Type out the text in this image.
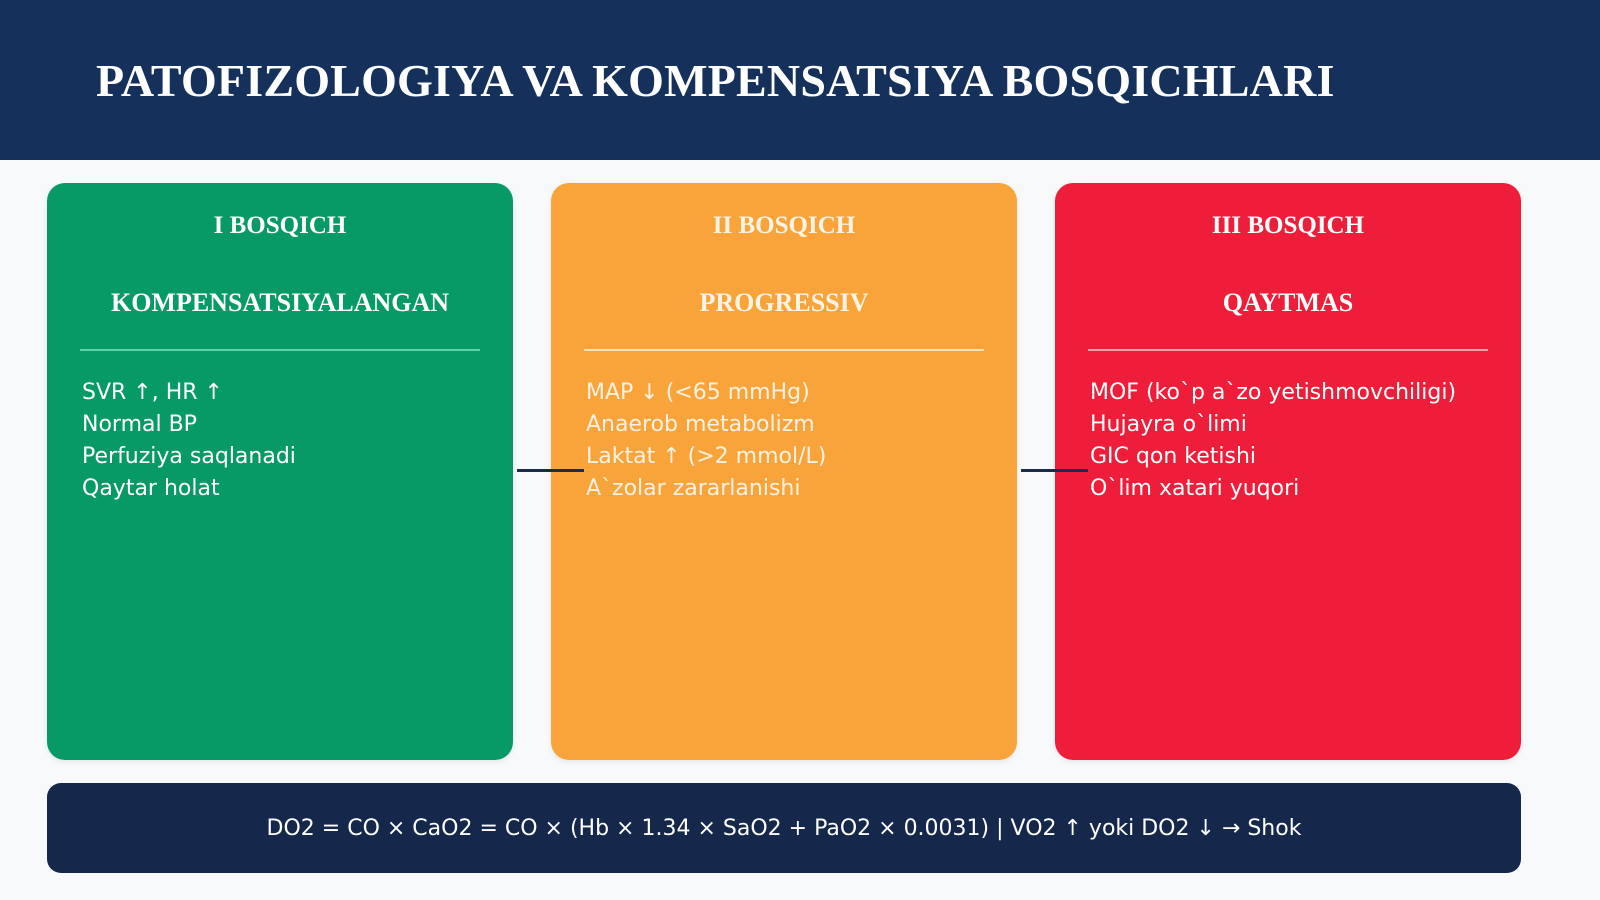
PATOFIZOLOGIYA VA KOMPENSATSIYA BOSQICHLARI
I BOSQICH
KOMPENSATSIYALANGAN
SVR ↑, HR ↑
Normal BP
Perfuziya saqlanadi
Qaytar holat
II BOSQICH
PROGRESSIV
MAP ↓ (<65 mmHg)
Anaerob metabolizm
Laktat ↑ (>2 mmol/L)
A`zolar zararlanishi
III BOSQICH
QAYTMAS
MOF (ko`p a`zo yetishmovchiligi)
Hujayra o`limi
GIC qon ketishi
O`lim xatari yuqori
DO2 = CO × CaO2 = CO × (Hb × 1.34 × SaO2 + PaO2 × 0.0031) | VO2 ↑ yoki DO2 ↓ → Shok
